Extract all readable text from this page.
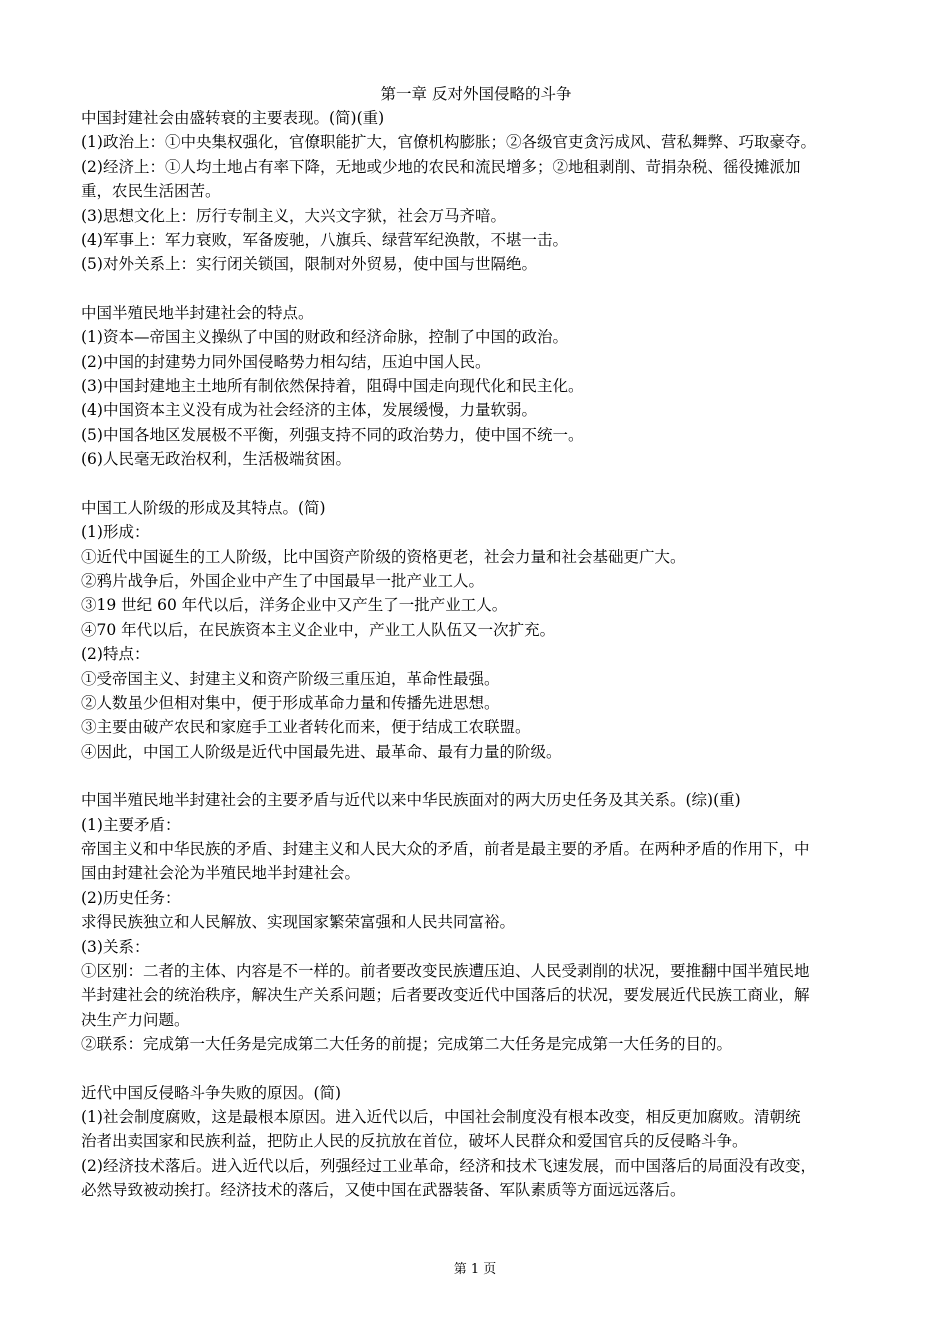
第一章 反对外国侵略的斗争
中国封建社会由盛转衰的主要表现。(简)(重)
(1)政治上：①中央集权强化，官僚职能扩大，官僚机构膨胀；②各级官吏贪污成风、营私舞弊、巧取豪夺。
(2)经济上：①人均土地占有率下降，无地或少地的农民和流民增多；②地租剥削、苛捐杂税、徭役摊派加
重，农民生活困苦。
(3)思想文化上：厉行专制主义，大兴文字狱，社会万马齐喑。
(4)军事上：军力衰败，军备废驰，八旗兵、绿营军纪涣散，不堪一击。
(5)对外关系上：实行闭关锁国，限制对外贸易，使中国与世隔绝。
中国半殖民地半封建社会的特点。
(1)资本—帝国主义操纵了中国的财政和经济命脉，控制了中国的政治。
(2)中国的封建势力同外国侵略势力相勾结，压迫中国人民。
(3)中国封建地主土地所有制依然保持着，阻碍中国走向现代化和民主化。
(4)中国资本主义没有成为社会经济的主体，发展缓慢，力量软弱。
(5)中国各地区发展极不平衡，列强支持不同的政治势力，使中国不统一。
(6)人民毫无政治权利，生活极端贫困。
中国工人阶级的形成及其特点。(简)
(1)形成：
①近代中国诞生的工人阶级，比中国资产阶级的资格更老，社会力量和社会基础更广大。
②鸦片战争后，外国企业中产生了中国最早一批产业工人。
③19 世纪 60 年代以后，洋务企业中又产生了一批产业工人。
④70 年代以后，在民族资本主义企业中，产业工人队伍又一次扩充。
(2)特点：
①受帝国主义、封建主义和资产阶级三重压迫，革命性最强。
②人数虽少但相对集中，便于形成革命力量和传播先进思想。
③主要由破产农民和家庭手工业者转化而来，便于结成工农联盟。
④因此，中国工人阶级是近代中国最先进、最革命、最有力量的阶级。
中国半殖民地半封建社会的主要矛盾与近代以来中华民族面对的两大历史任务及其关系。(综)(重)
(1)主要矛盾：
帝国主义和中华民族的矛盾、封建主义和人民大众的矛盾，前者是最主要的矛盾。在两种矛盾的作用下，中
国由封建社会沦为半殖民地半封建社会。
(2)历史任务：
求得民族独立和人民解放、实现国家繁荣富强和人民共同富裕。
(3)关系：
①区别：二者的主体、内容是不一样的。前者要改变民族遭压迫、人民受剥削的状况，要推翻中国半殖民地
半封建社会的统治秩序，解决生产关系问题；后者要改变近代中国落后的状况，要发展近代民族工商业，解
决生产力问题。
②联系：完成第一大任务是完成第二大任务的前提；完成第二大任务是完成第一大任务的目的。
近代中国反侵略斗争失败的原因。(简)
(1)社会制度腐败，这是最根本原因。进入近代以后，中国社会制度没有根本改变，相反更加腐败。清朝统
治者出卖国家和民族利益，把防止人民的反抗放在首位，破坏人民群众和爱国官兵的反侵略斗争。
(2)经济技术落后。进入近代以后，列强经过工业革命，经济和技术飞速发展，而中国落后的局面没有改变，
必然导致被动挨打。经济技术的落后，又使中国在武器装备、军队素质等方面远远落后。
第 1 页
